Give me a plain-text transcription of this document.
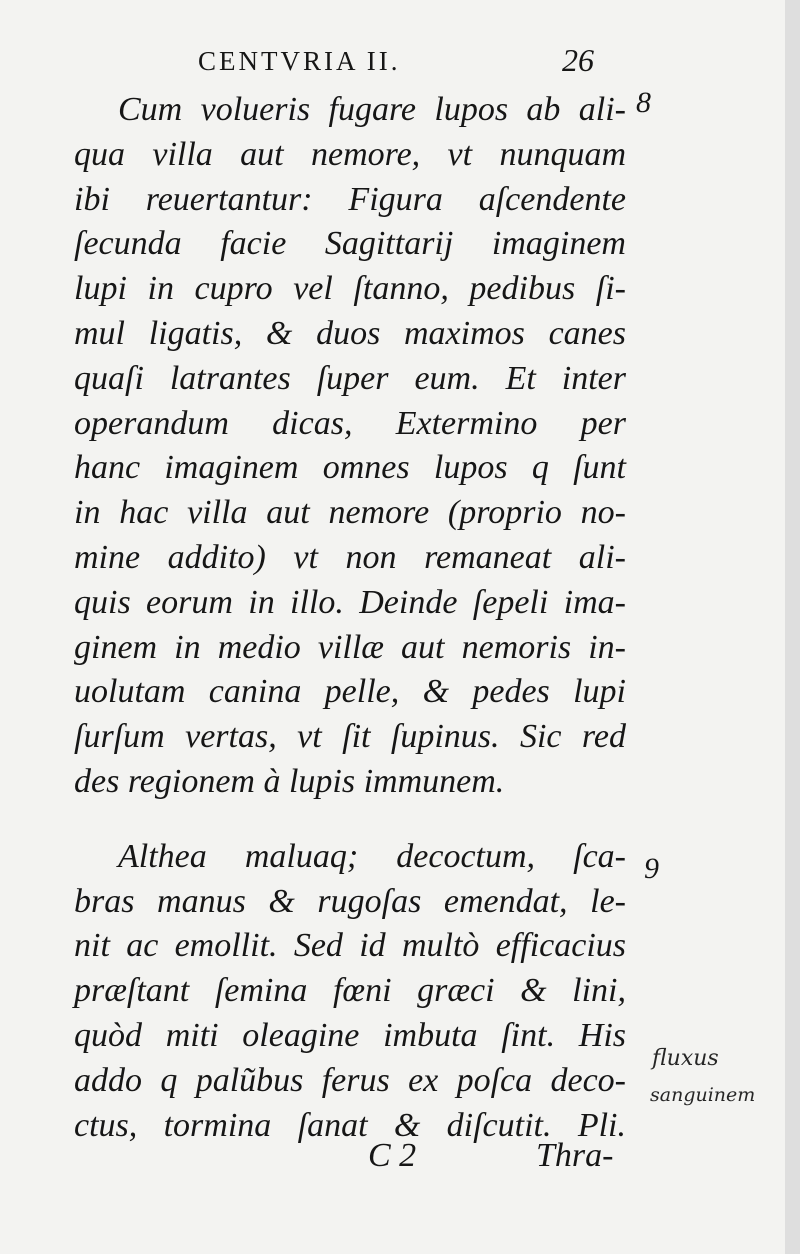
CENTVRIA II.	26
Cum volueris fugare lupos ab ali-
qua villa aut nemore, vt nunquam
ibi reuertantur: Figura aſcendente
ſecunda facie Sagittarij imaginem
lupi in cupro vel ſtanno, pedibus ſi-
mul ligatis, & duos maximos canes
quaſi latrantes ſuper eum. Et inter
operandum dicas, Extermino per
hanc imaginem omnes lupos q ſunt
in hac villa aut nemore (proprio no-
mine addito) vt non remaneat ali-
quis eorum in illo. Deinde ſepeli ima-
ginem in medio villæ aut nemoris in-
uolutam canina pelle, & pedes lupi
ſurſum vertas, vt ſit ſupinus. Sic red
des regionem à lupis immunem.
Althea maluaq; decoctum, ſca-
bras manus & rugoſas emendat, le-
nit ac emollit. Sed id multò efficacius
præſtant ſemina fœni græci & lini,
quòd miti oleagine imbuta ſint. His
addo q palũbus ferus ex poſca deco-
ctus, tormina ſanat & diſcutit. Pli.
8
9
fluxus
sanguinem
C 2	Thra-
